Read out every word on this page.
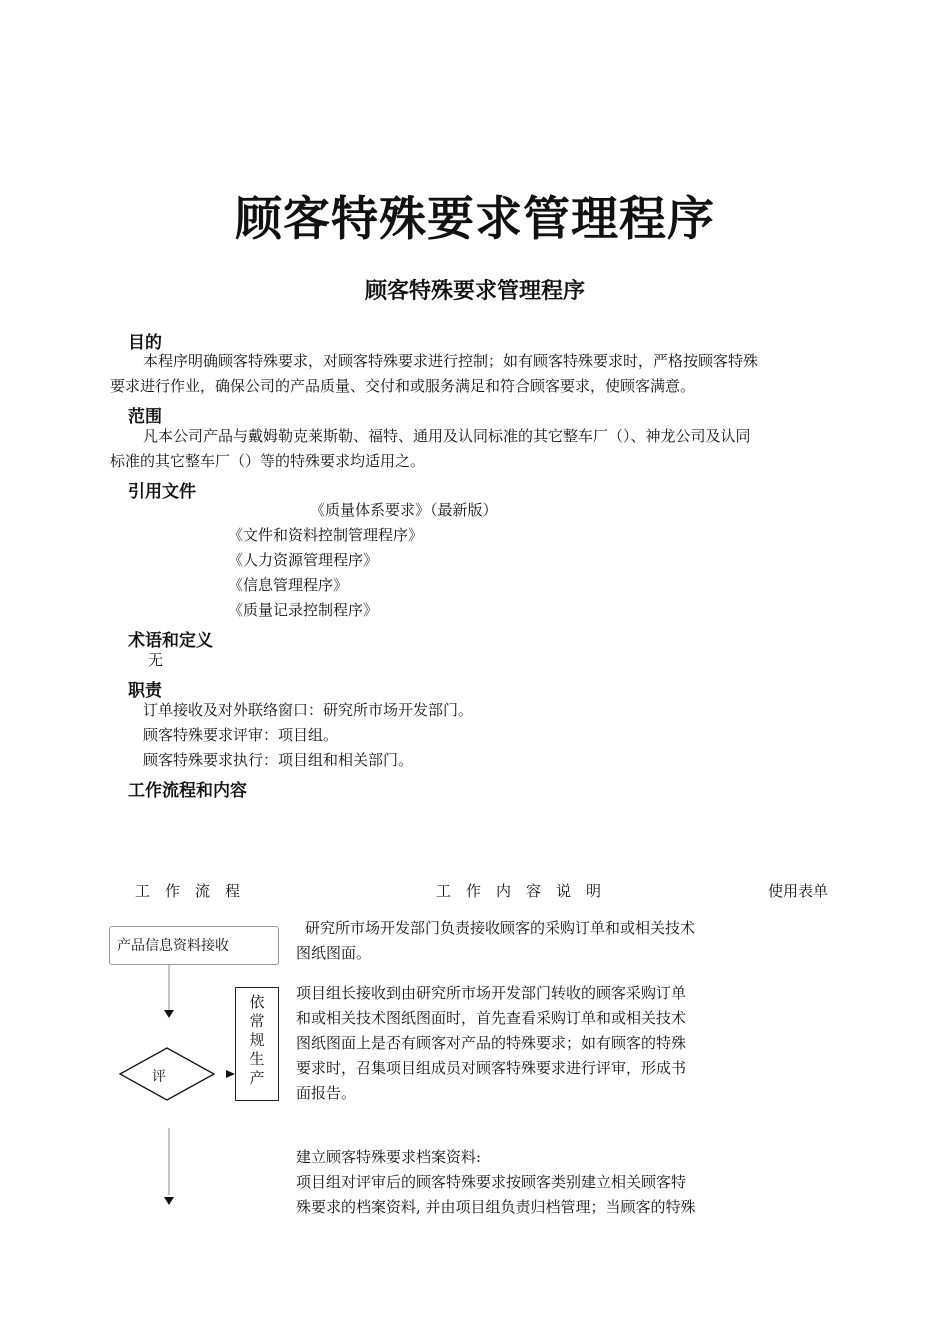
顾客特殊要求管理程序
顾客特殊要求管理程序
目的
本程序明确顾客特殊要求，对顾客特殊要求进行控制；如有顾客特殊要求时，严格按顾客特殊
要求进行作业，确保公司的产品质量、交付和或服务满足和符合顾客要求，使顾客满意。
范围
凡本公司产品与戴姆勒克莱斯勒、福特、通用及认同标准的其它整车厂（）、神龙公司及认同
标准的其它整车厂（）等的特殊要求均适用之。
引用文件
《质量体系要求》（最新版）
《文件和资料控制管理程序》
《人力资源管理程序》
《信息管理程序》
《质量记录控制程序》
术语和定义
无
职责
订单接收及对外联络窗口：研究所市场开发部门。
顾客特殊要求评审：项目组。
顾客特殊要求执行：项目组和相关部门。
工作流程和内容
工　作　流　程	工　作　内　容　说　明	使用表单
产品信息资料接收
评
依
常
规
生
产
研究所市场开发部门负责接收顾客的采购订单和或相关技术
图纸图面。
项目组长接收到由研究所市场开发部门转收的顾客采购订单
和或相关技术图纸图面时，首先查看采购订单和或相关技术
图纸图面上是否有顾客对产品的特殊要求；如有顾客的特殊
要求时，召集项目组成员对顾客特殊要求进行评审，形成书
面报告。
建立顾客特殊要求档案资料:
项目组对评审后的顾客特殊要求按顾客类别建立相关顾客特
殊要求的档案资料, 并由项目组负责归档管理；当顾客的特殊
